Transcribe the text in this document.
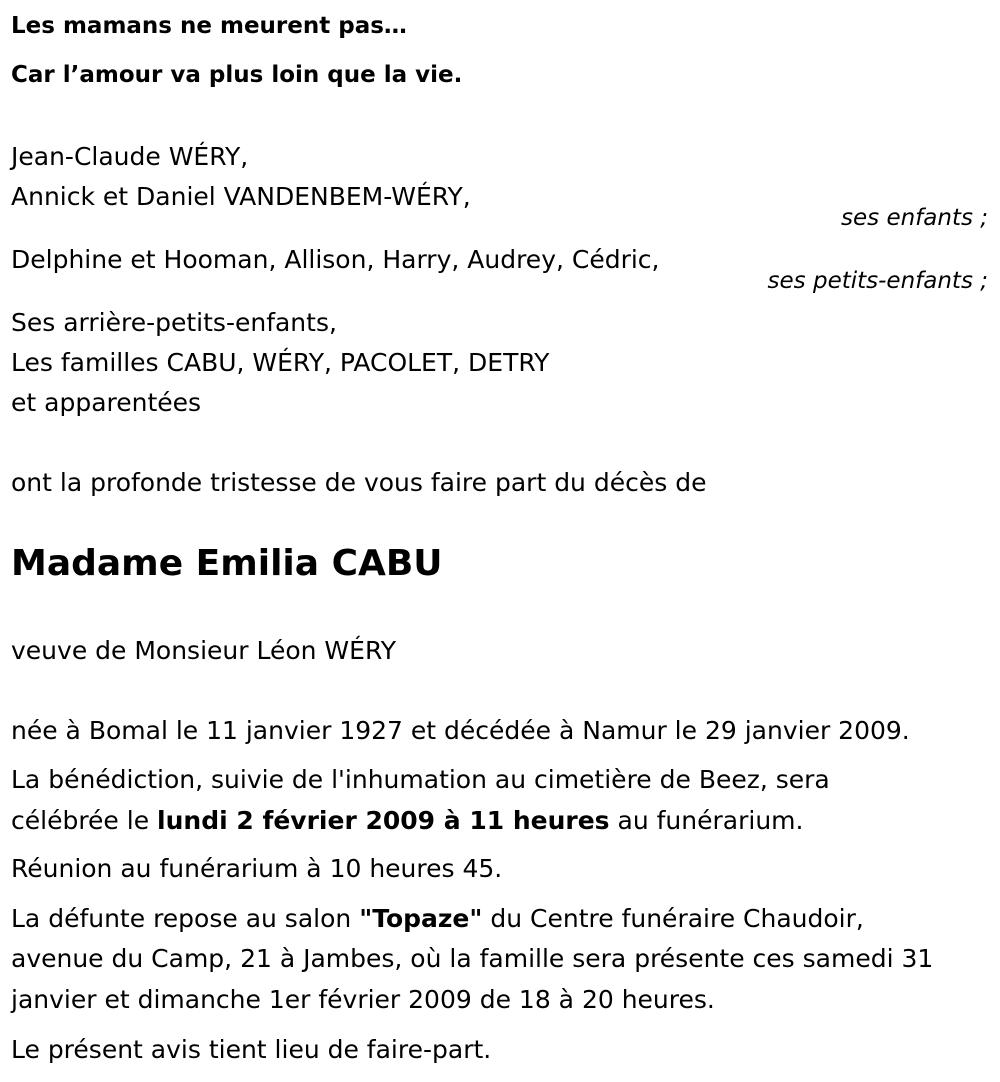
Les mamans ne meurent pas…
Car l’amour va plus loin que la vie.
Jean-Claude WÉRY,
Annick et Daniel VANDENBEM-WÉRY,
ses enfants ;
Delphine et Hooman, Allison, Harry, Audrey, Cédric,
ses petits-enfants ;
Ses arrière-petits-enfants,
Les familles CABU, WÉRY, PACOLET, DETRY
et apparentées
ont la profonde tristesse de vous faire part du décès de
Madame Emilia CABU
veuve de Monsieur Léon WÉRY
née à Bomal le 11 janvier 1927 et décédée à Namur le 29 janvier 2009.
La bénédiction, suivie de l'inhumation au cimetière de Beez, sera
célébrée le lundi 2 février 2009 à 11 heures au funérarium.
Réunion au funérarium à 10 heures 45.
La défunte repose au salon "Topaze" du Centre funéraire Chaudoir,
avenue du Camp, 21 à Jambes, où la famille sera présente ces samedi 31
janvier et dimanche 1er février 2009 de 18 à 20 heures.
Le présent avis tient lieu de faire-part.
